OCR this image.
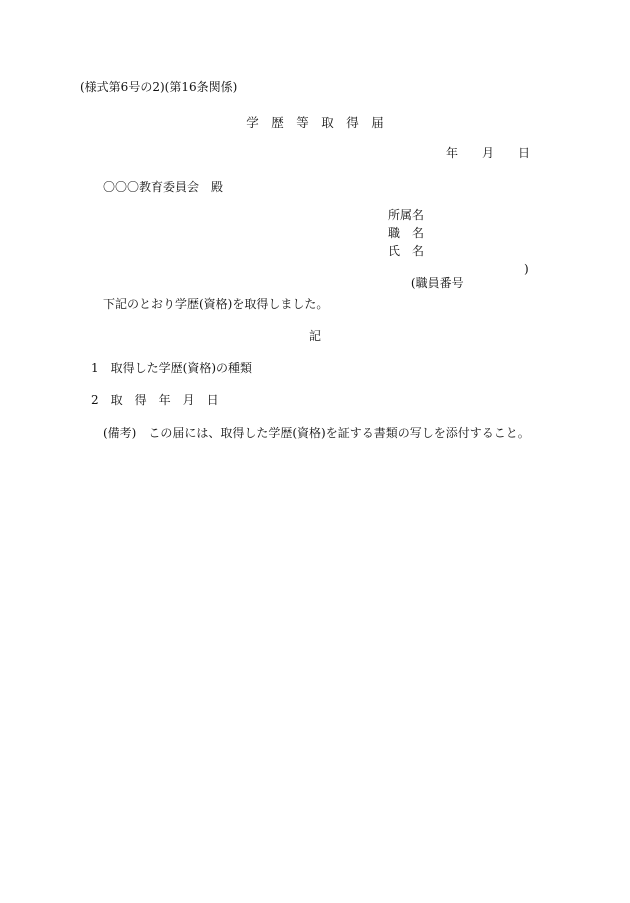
(様式第6号の2)(第16条関係)
学　歴　等　取　得　届
年　　月　　日
〇〇〇教育委員会　殿
所属名
職　名
氏　名

(職員番号

)

下記のとおり学歴(資格)を取得しました。
記
1　取得した学歴(資格)の種類
2　取　得　年　月　日
(備考)　この届には、取得した学歴(資格)を証する書類の写しを添付すること。
